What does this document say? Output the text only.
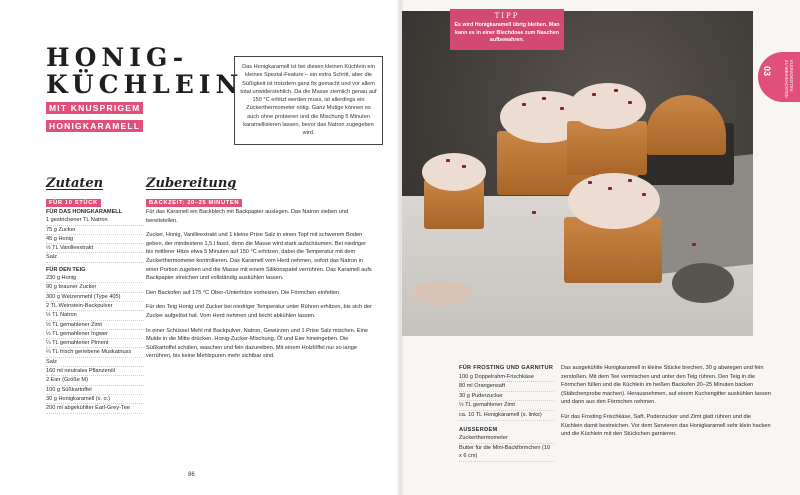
HONIG-
KÜCHLEIN
MIT KNUSPRIGEM
HONIGKARAMELL
Das Honigkaramell ist bei diesen kleinen Küchlein ein kleines Spezial-Feature – ein extra Schritt, aber die Süßigkeit ist trotzdem ganz fix gemacht und vor allem total unwiderstehlich. Da die Masse ziemlich genau auf 150 °C erhitzt werden muss, ist allerdings ein Zuckerthermometer nötig. Ganz Mutige können es auch ohne probieren und die Mischung 5 Minuten karamellisieren lassen, bevor das Natron zugegeben wird.
Zutaten
FÜR 10 STÜCK
Zubereitung
BACKZEIT: 20–25 MINUTEN
FÜR DAS HONIGKARAMELL
1 gestrichener TL Natron
75 g Zucker
45 g Honig
½ TL Vanilleextrakt
Salz
FÜR DEN TEIG
230 g Honig
90 g brauner Zucker
300 g Weizenmehl (Type 405)
2 TL Weinstein-Backpulver
½ TL Natron
½ TL gemahlener Zimt
½ TL gemahlener Ingwer
¼ TL gemahlener Piment
¼ TL frisch geriebene Muskatnuss
Salz
160 ml neutrales Pflanzenöl
2 Eier (Größe M)
100 g Süßkartoffel
30 g Honigkaramell (s. o.)
200 ml abgekühlter Earl-Grey-Tee

Für das Karamell ein Backblech mit Backpapier auslegen. Das Natron sieben und bereitstellen.

Zucker, Honig, Vanilleextrakt und 1 kleine Prise Salz in einen Topf mit schwerem Boden geben, der mindestens 1,5 l fasst, denn die Masse wird stark aufschäumen. Bei niedriger bis mittlerer Hitze etwa 5 Minuten auf 150 °C erhitzen, dabei die Temperatur mit dem Zuckerthermometer kontrollieren. Das Karamell vom Herd nehmen, sofort das Natron in einer Portion zugeben und die Masse mit einem Silikonspatel verrühren. Das Karamell aufs Backpapier streichen und vollständig auskühlen lassen.

Den Backofen auf 175 °C Ober-/Unterhitze vorheizen. Die Förmchen einfetten.

Für den Teig Honig und Zucker bei niedriger Temperatur unter Rühren erhitzen, bis sich der Zucker aufgelöst hat. Vom Herd nehmen und leicht abkühlen lassen.

In einer Schüssel Mehl mit Backpulver, Natron, Gewürzen und 1 Prise Salz mischen. Eine Mulde in die Mitte drücken. Honig-Zucker-Mischung, Öl und Eier hineingeben. Die Süßkartoffel schälen, waschen und fein dazureiben. Mit einem Holzlöffel nur so lange verrühren, bis keine Mehlspuren mehr sichtbar sind.

86
TIPP
Es wird Honigkaramell übrig bleiben. Man kann es in einer Blechdose zum Naschen aufbewahren.
03	KLEINIGKEITEN
ZU WEIHNACHTEN
FÜR FROSTING UND GARNITUR
100 g Doppelrahm-Frischkäse
80 ml Orangensaft
30 g Puderzucker
½ TL gemahlener Zimt
ca. 10 TL Honigkaramell (s. links)
AUSSERDEM
Zuckerthermometer
Butter für die Mini-Backförmchen (10 x 6 cm)

Das ausgekühlte Honigkaramell in kleine Stücke brechen, 30 g abwiegen und fein zerstoßen. Mit dem Tee vermischen und unter den Teig rühren. Den Teig in die Förmchen füllen und die Küchlein im heißen Backofen 20–25 Minuten backen (Stäbchenprobe machen). Herausnehmen, auf einem Kuchengitter auskühlen lassen und dann aus den Förmchen nehmen.

Für das Frosting Frischkäse, Saft, Puderzucker und Zimt glatt rühren und die Küchlein damit bestreichen. Vor dem Servieren das Honigkaramell sehr klein hacken und die Küchlein mit den Stückchen garnieren.
